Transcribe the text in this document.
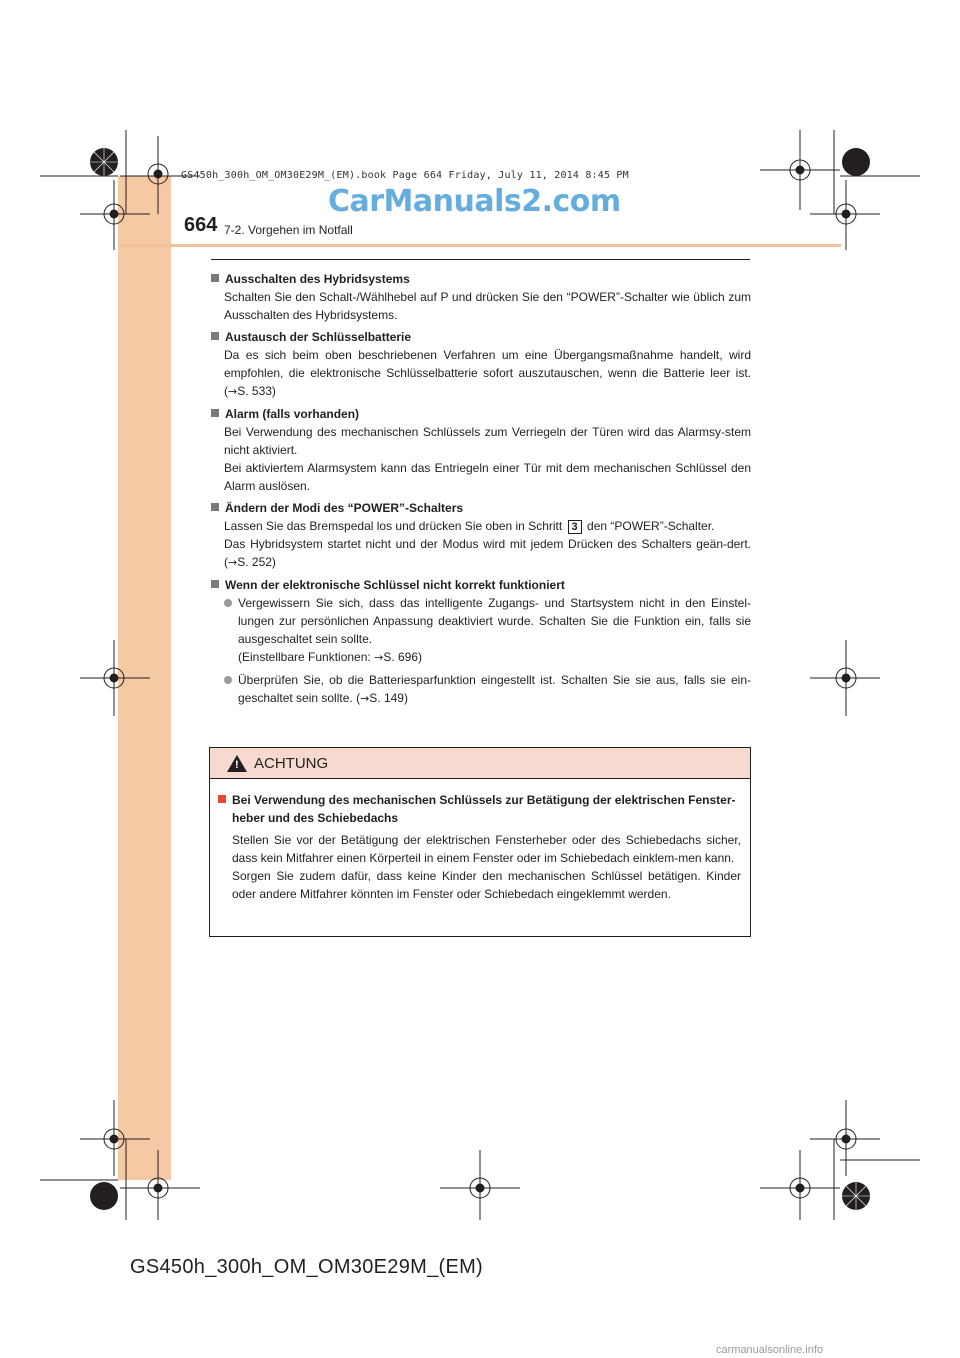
GS450h_300h_OM_OM30E29M_(EM).book Page 664 Friday, July 11, 2014 8:45 PM
CarManuals2.com
664 7-2. Vorgehen im Notfall
Ausschalten des Hybridsystems
Schalten Sie den Schalt-/Wählhebel auf P und drücken Sie den “POWER”-Schalter wie üblich zum Ausschalten des Hybridsystems.
Austausch der Schlüsselbatterie
Da es sich beim oben beschriebenen Verfahren um eine Übergangsmaßnahme handelt, wird empfohlen, die elektronische Schlüsselbatterie sofort auszutauschen, wenn die Batterie leer ist. (→S. 533)
Alarm (falls vorhanden)
Bei Verwendung des mechanischen Schlüssels zum Verriegeln der Türen wird das Alarmsy-stem nicht aktiviert.
Bei aktiviertem Alarmsystem kann das Entriegeln einer Tür mit dem mechanischen Schlüssel den Alarm auslösen.
Ändern der Modi des “POWER”-Schalters
Lassen Sie das Bremspedal los und drücken Sie oben in Schritt 3 den “POWER”-Schalter.
Das Hybridsystem startet nicht und der Modus wird mit jedem Drücken des Schalters geän-dert. (→S. 252)
Wenn der elektronische Schlüssel nicht korrekt funktioniert
Vergewissern Sie sich, dass das intelligente Zugangs- und Startsystem nicht in den Einstel-lungen zur persönlichen Anpassung deaktiviert wurde. Schalten Sie die Funktion ein, falls sie ausgeschaltet sein sollte.
(Einstellbare Funktionen: →S. 696)
Überprüfen Sie, ob die Batteriesparfunktion eingestellt ist. Schalten Sie sie aus, falls sie ein-geschaltet sein sollte. (→S. 149)
! ACHTUNG
Bei Verwendung des mechanischen Schlüssels zur Betätigung der elektrischen Fenster-heber und des Schiebedachs
Stellen Sie vor der Betätigung der elektrischen Fensterheber oder des Schiebedachs sicher, dass kein Mitfahrer einen Körperteil in einem Fenster oder im Schiebedach einklem-men kann.
Sorgen Sie zudem dafür, dass keine Kinder den mechanischen Schlüssel betätigen. Kinder oder andere Mitfahrer könnten im Fenster oder Schiebedach eingeklemmt werden.
GS450h_300h_OM_OM30E29M_(EM)
carmanualsonline.info
